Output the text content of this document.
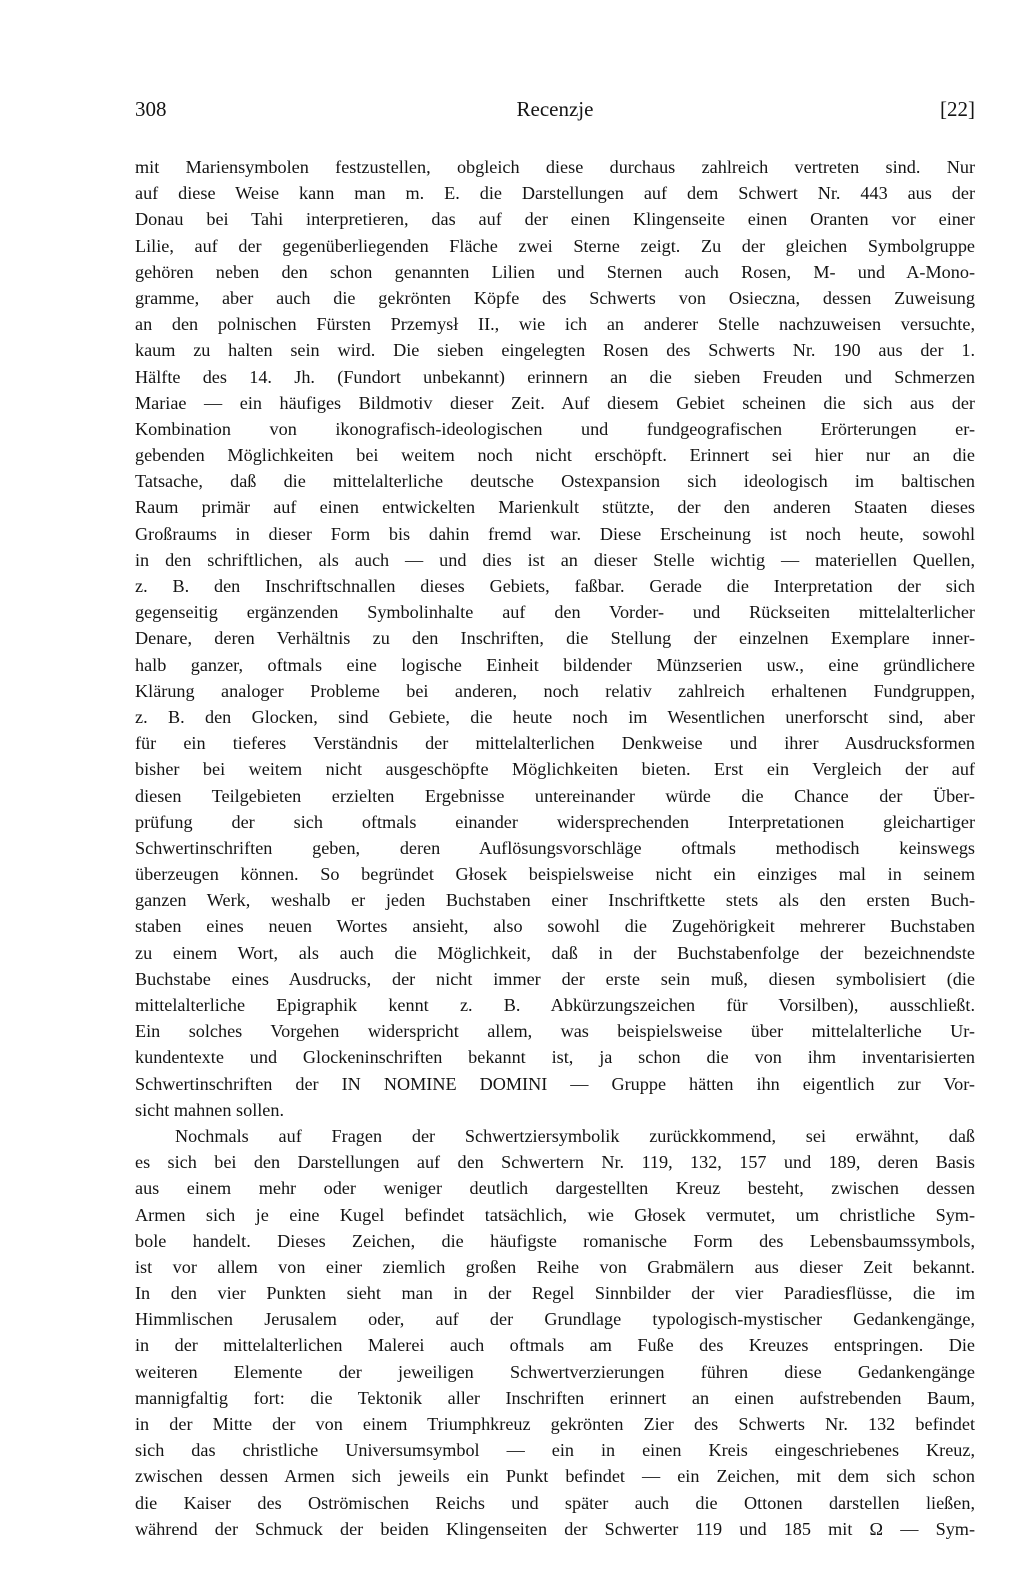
308	Recenzje	[22]
mit Mariensymbolen festzustellen, obgleich diese durchaus zahlreich vertreten sind. Nur
auf diese Weise kann man m. E. die Darstellungen auf dem Schwert Nr. 443 aus der
Donau bei Tahi interpretieren, das auf der einen Klingenseite einen Oranten vor einer
Lilie, auf der gegenüberliegenden Fläche zwei Sterne zeigt. Zu der gleichen Symbolgruppe
gehören neben den schon genannten Lilien und Sternen auch Rosen, M- und A-Mono-
gramme, aber auch die gekrönten Köpfe des Schwerts von Osieczna, dessen Zuweisung
an den polnischen Fürsten Przemysł II., wie ich an anderer Stelle nachzuweisen versuchte,
kaum zu halten sein wird. Die sieben eingelegten Rosen des Schwerts Nr. 190 aus der 1.
Hälfte des 14. Jh. (Fundort unbekannt) erinnern an die sieben Freuden und Schmerzen
Mariae — ein häufiges Bildmotiv dieser Zeit. Auf diesem Gebiet scheinen die sich aus der
Kombination von ikonografisch-ideologischen und fundgeografischen Erörterungen er-
gebenden Möglichkeiten bei weitem noch nicht erschöpft. Erinnert sei hier nur an die
Tatsache, daß die mittelalterliche deutsche Ostexpansion sich ideologisch im baltischen
Raum primär auf einen entwickelten Marienkult stützte, der den anderen Staaten dieses
Großraums in dieser Form bis dahin fremd war. Diese Erscheinung ist noch heute, sowohl
in den schriftlichen, als auch — und dies ist an dieser Stelle wichtig — materiellen Quellen,
z. B. den Inschriftschnallen dieses Gebiets, faßbar. Gerade die Interpretation der sich
gegenseitig ergänzenden Symbolinhalte auf den Vorder- und Rückseiten mittelalterlicher
Denare, deren Verhältnis zu den Inschriften, die Stellung der einzelnen Exemplare inner-
halb ganzer, oftmals eine logische Einheit bildender Münzserien usw., eine gründlichere
Klärung analoger Probleme bei anderen, noch relativ zahlreich erhaltenen Fundgruppen,
z. B. den Glocken, sind Gebiete, die heute noch im Wesentlichen unerforscht sind, aber
für ein tieferes Verständnis der mittelalterlichen Denkweise und ihrer Ausdrucksformen
bisher bei weitem nicht ausgeschöpfte Möglichkeiten bieten. Erst ein Vergleich der auf
diesen Teilgebieten erzielten Ergebnisse untereinander würde die Chance der Über-
prüfung der sich oftmals einander widersprechenden Interpretationen gleichartiger
Schwertinschriften geben, deren Auflösungsvorschläge oftmals methodisch keinswegs
überzeugen können. So begründet Głosek beispielsweise nicht ein einziges mal in seinem
ganzen Werk, weshalb er jeden Buchstaben einer Inschriftkette stets als den ersten Buch-
staben eines neuen Wortes ansieht, also sowohl die Zugehörigkeit mehrerer Buchstaben
zu einem Wort, als auch die Möglichkeit, daß in der Buchstabenfolge der bezeichnendste
Buchstabe eines Ausdrucks, der nicht immer der erste sein muß, diesen symbolisiert (die
mittelalterliche Epigraphik kennt z. B. Abkürzungszeichen für Vorsilben), ausschließt.
Ein solches Vorgehen widerspricht allem, was beispielsweise über mittelalterliche Ur-
kundentexte und Glockeninschriften bekannt ist, ja schon die von ihm inventarisierten
Schwertinschriften der IN NOMINE DOMINI — Gruppe hätten ihn eigentlich zur Vor-
sicht mahnen sollen.
Nochmals auf Fragen der Schwertziersymbolik zurückkommend, sei erwähnt, daß
es sich bei den Darstellungen auf den Schwertern Nr. 119, 132, 157 und 189, deren Basis
aus einem mehr oder weniger deutlich dargestellten Kreuz besteht, zwischen dessen
Armen sich je eine Kugel befindet tatsächlich, wie Głosek vermutet, um christliche Sym-
bole handelt. Dieses Zeichen, die häufigste romanische Form des Lebensbaumssymbols,
ist vor allem von einer ziemlich großen Reihe von Grabmälern aus dieser Zeit bekannt.
In den vier Punkten sieht man in der Regel Sinnbilder der vier Paradiesflüsse, die im
Himmlischen Jerusalem oder, auf der Grundlage typologisch-mystischer Gedankengänge,
in der mittelalterlichen Malerei auch oftmals am Fuße des Kreuzes entspringen. Die
weiteren Elemente der jeweiligen Schwertverzierungen führen diese Gedankengänge
mannigfaltig fort: die Tektonik aller Inschriften erinnert an einen aufstrebenden Baum,
in der Mitte der von einem Triumphkreuz gekrönten Zier des Schwerts Nr. 132 befindet
sich das christliche Universumsymbol — ein in einen Kreis eingeschriebenes Kreuz,
zwischen dessen Armen sich jeweils ein Punkt befindet — ein Zeichen, mit dem sich schon
die Kaiser des Oströmischen Reichs und später auch die Ottonen darstellen ließen,
während der Schmuck der beiden Klingenseiten der Schwerter 119 und 185 mit Ω — Sym-
